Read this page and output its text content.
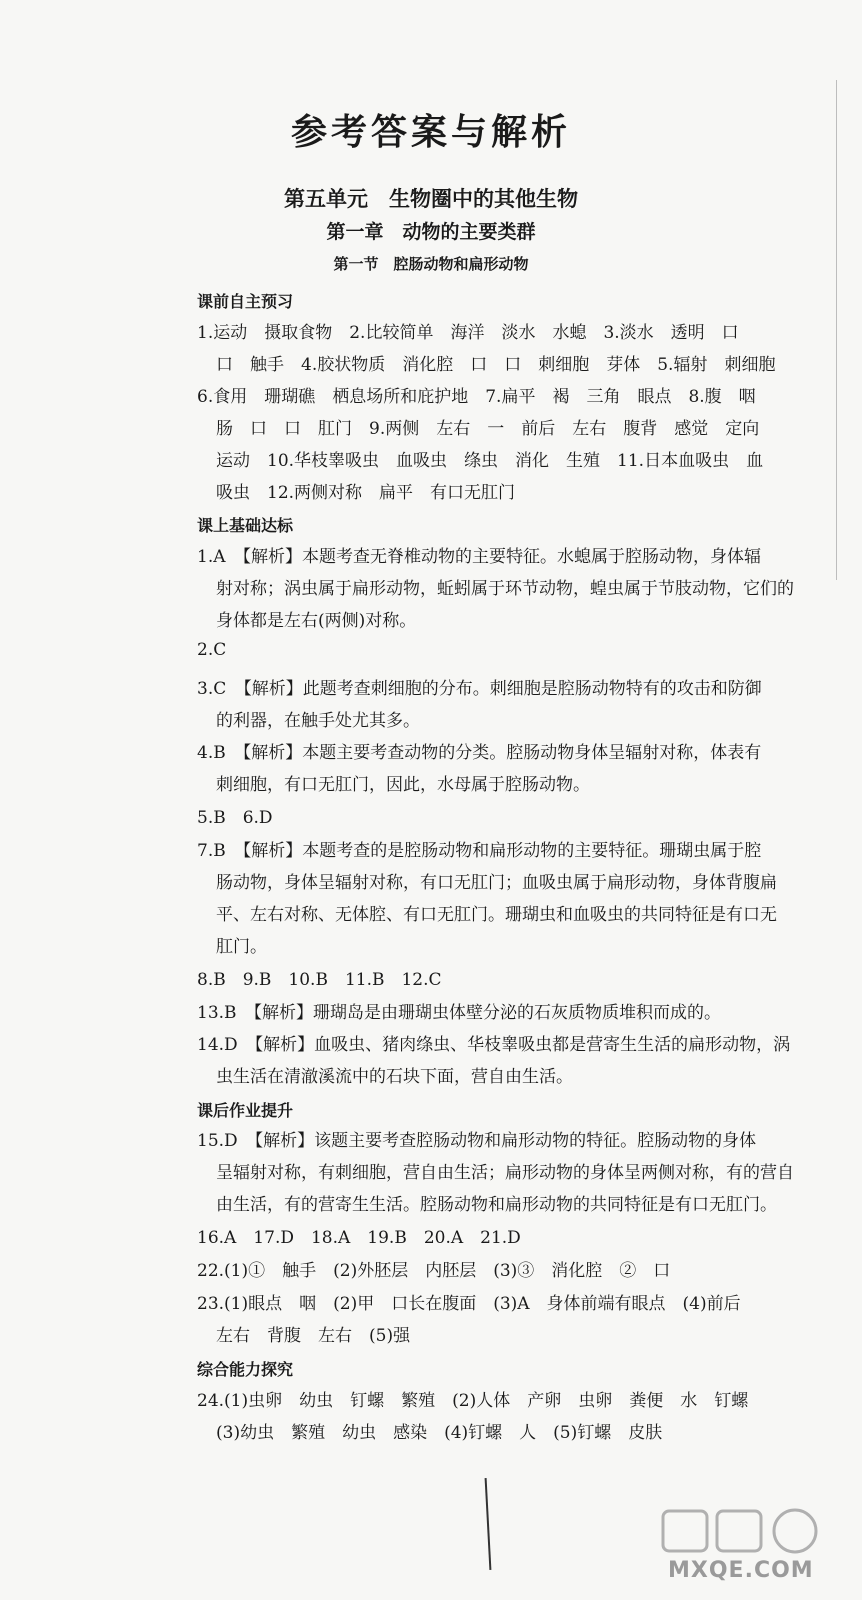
参考答案与解析
第五单元　生物圈中的其他生物
第一章　动物的主要类群
第一节　腔肠动物和扁形动物
课前自主预习
1.运动　摄取食物　2.比较简单　海洋　淡水　水螅　3.淡水　透明　口
口　触手　4.胶状物质　消化腔　口　口　刺细胞　芽体　5.辐射　刺细胞
6.食用　珊瑚礁　栖息场所和庇护地　7.扁平　褐　三角　眼点　8.腹　咽
肠　口　口　肛门　9.两侧　左右　一　前后　左右　腹背　感觉　定向
运动　10.华枝睾吸虫　血吸虫　绦虫　消化　生殖　11.日本血吸虫　血
吸虫　12.两侧对称　扁平　有口无肛门
课上基础达标
1.A　【解析】本题考查无脊椎动物的主要特征。水螅属于腔肠动物，身体辐
射对称；涡虫属于扁形动物，蚯蚓属于环节动物，蝗虫属于节肢动物，它们的
身体都是左右(两侧)对称。
2.C
3.C　【解析】此题考查刺细胞的分布。刺细胞是腔肠动物特有的攻击和防御
的利器，在触手处尤其多。
4.B　【解析】本题主要考查动物的分类。腔肠动物身体呈辐射对称，体表有
刺细胞，有口无肛门，因此，水母属于腔肠动物。
5.B　6.D
7.B　【解析】本题考查的是腔肠动物和扁形动物的主要特征。珊瑚虫属于腔
肠动物，身体呈辐射对称，有口无肛门；血吸虫属于扁形动物，身体背腹扁
平、左右对称、无体腔、有口无肛门。珊瑚虫和血吸虫的共同特征是有口无
肛门。
8.B　9.B　10.B　11.B　12.C
13.B　【解析】珊瑚岛是由珊瑚虫体壁分泌的石灰质物质堆积而成的。
14.D　【解析】血吸虫、猪肉绦虫、华枝睾吸虫都是营寄生生活的扁形动物，涡
虫生活在清澈溪流中的石块下面，营自由生活。
课后作业提升
15.D　【解析】该题主要考查腔肠动物和扁形动物的特征。腔肠动物的身体
呈辐射对称，有刺细胞，营自由生活；扁形动物的身体呈两侧对称，有的营自
由生活，有的营寄生生活。腔肠动物和扁形动物的共同特征是有口无肛门。
16.A　17.D　18.A　19.B　20.A　21.D
22.(1)①　触手　(2)外胚层　内胚层　(3)③　消化腔　②　口
23.(1)眼点　咽　(2)甲　口长在腹面　(3)A　身体前端有眼点　(4)前后
左右　背腹　左右　(5)强
综合能力探究
24.(1)虫卵　幼虫　钉螺　繁殖　(2)人体　产卵　虫卵　粪便　水　钉螺
(3)幼虫　繁殖　幼虫　感染　(4)钉螺　人　(5)钉螺　皮肤
MXQE.COM
